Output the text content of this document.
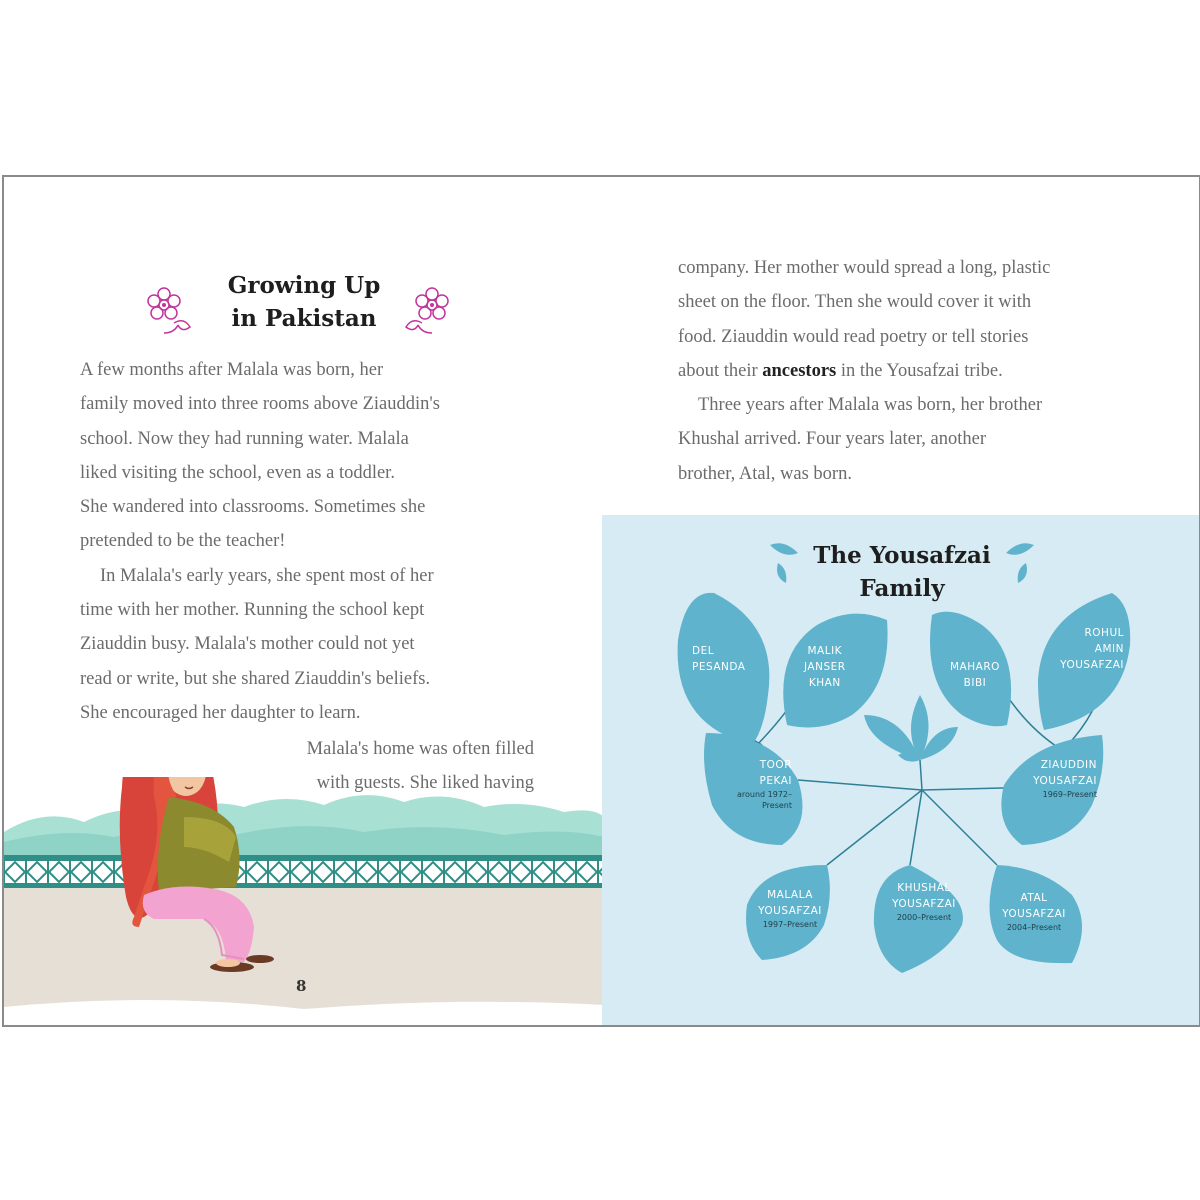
Growing Up
in Pakistan

A few months after Malala was born, her
family moved into three rooms above Ziauddin's
school. Now they had running water. Malala
liked visiting the school, even as a toddler.
She wandered into classrooms. Sometimes she
pretended to be the teacher!

In Malala's early years, she spent most of her
time with her mother. Running the school kept
Ziauddin busy. Malala's mother could not yet
read or write, but she shared Ziauddin's beliefs.
She encouraged her daughter to learn.

Malala's home was often filled
with guests. She liked having
8

company. Her mother would spread a long, plastic
sheet on the floor. Then she would cover it with
food. Ziauddin would read poetry or tell stories
about their ancestors in the Yousafzai tribe.

Three years after Malala was born, her brother
Khushal arrived. Four years later, another
brother, Atal, was born.

The Yousafzai
Family
DEL
PESANDA
MALIK
JANSER
KHAN
MAHARO
BIBI
ROHUL
AMIN
YOUSAFZAI
TOOR
PEKAI
around 1972–
Present
ZIAUDDIN
YOUSAFZAI
1969–Present
MALALA
YOUSAFZAI
1997–Present
KHUSHAL
YOUSAFZAI
2000–Present
ATAL
YOUSAFZAI
2004–Present
